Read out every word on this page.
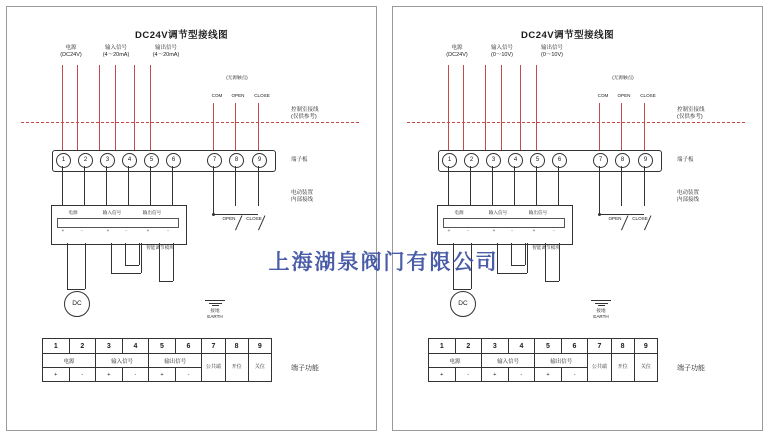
DC24V调节型接线图
电源
(DC24V)
输入信号
(4～20mA)
输出信号
(4～20mA)
(无源触点)
COM	OPEN	CLOSE
控制室接线
(仅供参考)
1	2	3	4	5	6	7	8	9	端子板
电动装置
内部接线
电源	输入信号	输出信号
+	-	+	-	+	-
智能调节模块
DC
OPEN	CLOSE
接地
EARTH
1	2	3	4	5	6	7	8	9
电源		输入信号		输出信号		公共端	开位	关位
+	-	+	-	+	-			
端子功能
DC24V调节型接线图
电源
(DC24V)
输入信号
(0～10V)
输出信号
(0～10V)
(无源触点)
COM	OPEN	CLOSE
控制室接线
(仅供参考)
1	2	3	4	5	6	7	8	9	端子板
电动装置
内部接线
电源	输入信号	输出信号
+	-	+	-	+	-
智能调节模块
DC
OPEN	CLOSE
接地
EARTH
1	2	3	4	5	6	7	8	9
电源		输入信号		输出信号		公共端	开位	关位
+	-	+	-	+	-			
端子功能
上海湖泉阀门有限公司
